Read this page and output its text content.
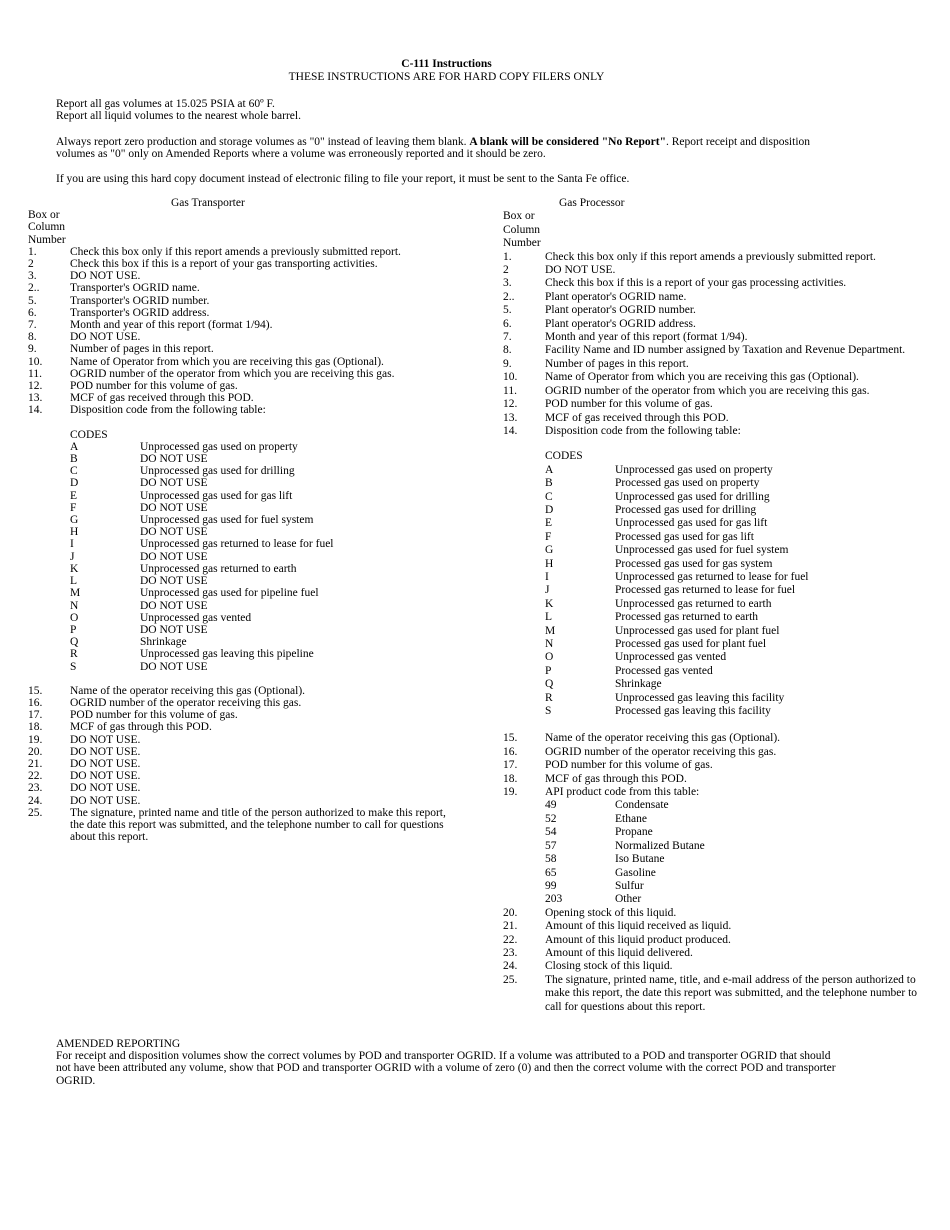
C-111 Instructions
THESE INSTRUCTIONS ARE FOR HARD COPY FILERS ONLY
Report all gas volumes at 15.025 PSIA at 60º F.
Report all liquid volumes to the nearest whole barrel.
Always report zero production and storage volumes as "0" instead of leaving them blank. A blank will be considered "No Report". Report receipt and disposition volumes as "0" only on Amended Reports where a volume was erroneously reported and it should be zero.
If you are using this hard copy document instead of electronic filing to file your report, it must be sent to the Santa Fe office.
Gas Transporter
Box or
Column
Number
1.	Check this box only if this report amends a previously submitted report.
2	Check this box if this is a report of your gas transporting activities.
3.	DO NOT USE.
2..	Transporter's OGRID name.
5.	Transporter's OGRID number.
6.	Transporter's OGRID address.
7.	Month and year of this report (format 1/94).
8.	DO NOT USE.
9.	Number of pages in this report.
10.	Name of Operator from which you are receiving this gas (Optional).
11.	OGRID number of the operator from which you are receiving this gas.
12.	POD number for this volume of gas.
13.	MCF of gas received through this POD.
14.	Disposition code from the following table:
CODES
A	Unprocessed gas used on property
B	DO NOT USE
C	Unprocessed gas used for drilling
D	DO NOT USE
E	Unprocessed gas used for gas lift
F	DO NOT USE
G	Unprocessed gas used for fuel system
H	DO NOT USE
I	Unprocessed gas returned to lease for fuel
J	DO NOT USE
K	Unprocessed gas returned to earth
L	DO NOT USE
M	Unprocessed gas used for pipeline fuel
N	DO NOT USE
O	Unprocessed gas vented
P	DO NOT USE
Q	Shrinkage
R	Unprocessed gas leaving this pipeline
S	DO NOT USE
15.	Name of the operator receiving this gas (Optional).
16.	OGRID number of the operator receiving this gas.
17.	POD number for this volume of gas.
18.	MCF of gas through this POD.
19.	DO NOT USE.
20.	DO NOT USE.
21.	DO NOT USE.
22.	DO NOT USE.
23.	DO NOT USE.
24.	DO NOT USE.
25.	The signature, printed name and title of the person authorized to make this report, the date this report was submitted, and the telephone number to call for questions about this report.
Gas Processor
Box or
Column
Number
1.	Check this box only if this report amends a previously submitted report.
2	DO NOT USE.
3.	Check this box if this is a report of your gas processing activities.
2..	Plant operator's OGRID name.
5.	Plant operator's OGRID number.
6.	Plant operator's OGRID address.
7.	Month and year of this report (format 1/94).
8.	Facility Name and ID number assigned by Taxation and Revenue Department.
9.	Number of pages in this report.
10.	Name of Operator from which you are receiving this gas (Optional).
11.	OGRID number of the operator from which you are receiving this gas.
12.	POD number for this volume of gas.
13.	MCF of gas received through this POD.
14.	Disposition code from the following table:
CODES
A	Unprocessed gas used on property
B	Processed gas used on property
C	Unprocessed gas used for drilling
D	Processed gas used for drilling
E	Unprocessed gas used for gas lift
F	Processed gas used for gas lift
G	Unprocessed gas used for fuel system
H	Processed gas used for gas system
I	Unprocessed gas returned to lease for fuel
J	Processed gas returned to lease for fuel
K	Unprocessed gas returned to earth
L	Processed gas returned to earth
M	Unprocessed gas used for plant fuel
N	Processed gas used for plant fuel
O	Unprocessed gas vented
P	Processed gas vented
Q	Shrinkage
R	Unprocessed gas leaving this facility
S	Processed gas leaving this facility
15.	Name of the operator receiving this gas (Optional).
16.	OGRID number of the operator receiving this gas.
17.	POD number for this volume of gas.
18.	MCF of gas through this POD.
19.	API product code from this table:
49	Condensate
52	Ethane
54	Propane
57	Normalized Butane
58	Iso Butane
65	Gasoline
99	Sulfur
203	Other
20.	Opening stock of this liquid.
21.	Amount of this liquid received as liquid.
22.	Amount of this liquid product produced.
23.	Amount of this liquid delivered.
24.	Closing stock of this liquid.
25.	The signature, printed name, title, and e-mail address of the person authorized to make this report, the date this report was submitted, and the telephone number to call for questions about this report.
AMENDED REPORTING
For receipt and disposition volumes show the correct volumes by POD and transporter OGRID. If a volume was attributed to a POD and transporter OGRID that should not have been attributed any volume, show that POD and transporter OGRID with a volume of zero (0) and then the correct volume with the correct POD and transporter OGRID.
